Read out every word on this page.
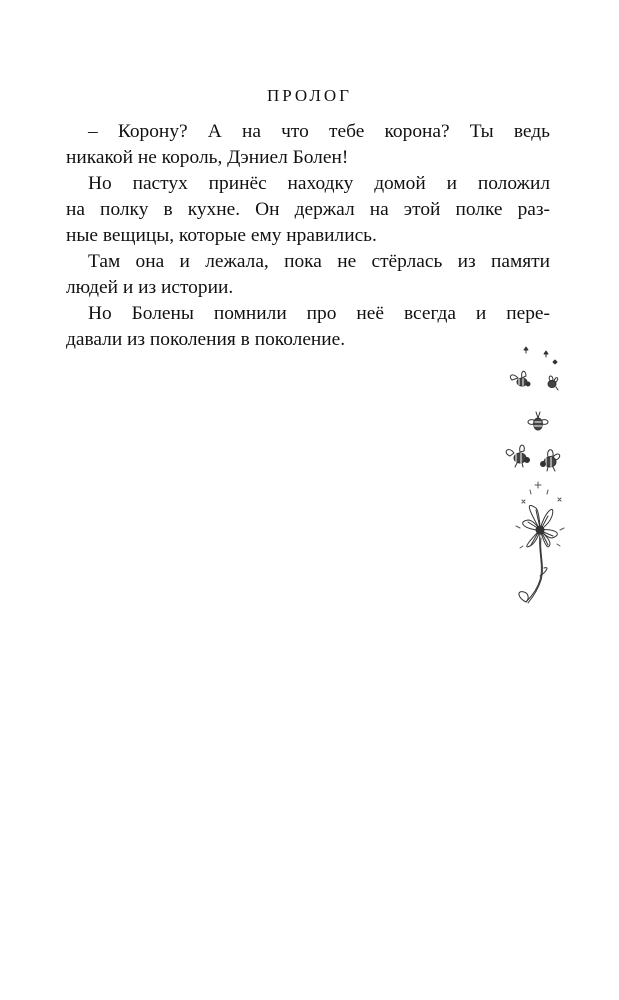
ПРОЛОГ
– Корону? А на что тебе корона? Ты ведь
никакой не король, Дэниел Болен!
Но пастух принёс находку домой и положил
на полку в кухне. Он держал на этой полке раз-
ные вещицы, которые ему нравились.
Там она и лежала, пока не стёрлась из памяти
людей и из истории.
Но Болены помнили про неё всегда и пере-
давали из поколения в поколение.
